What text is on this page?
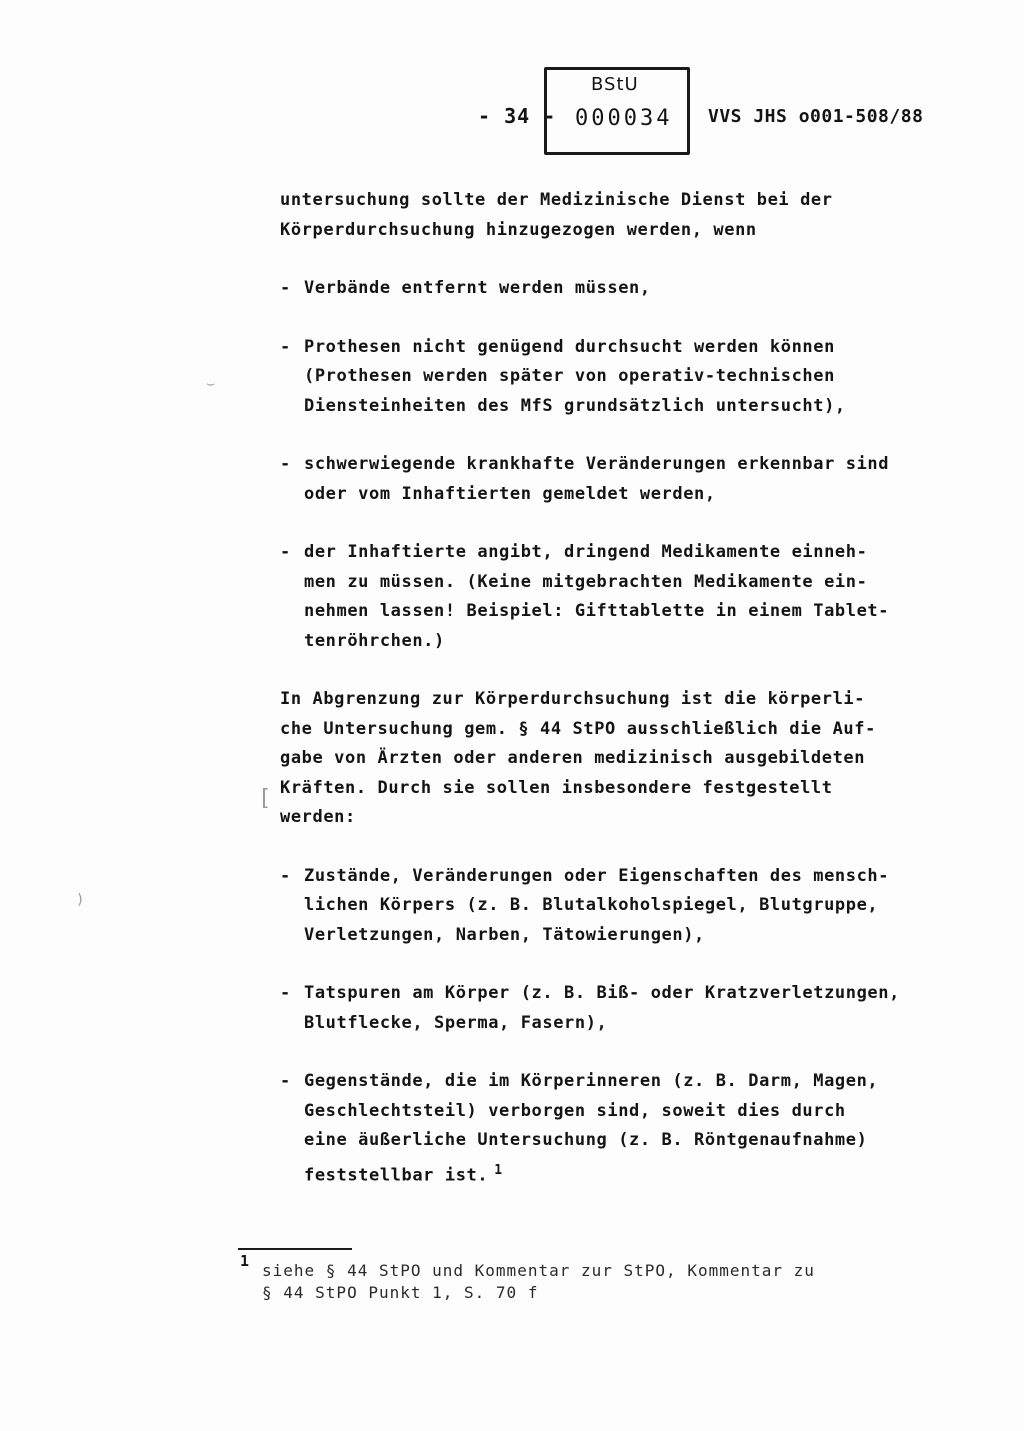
- 34 -
BStU
000034 VVS JHS o001-508/88

untersuchung sollte der Medizinische Dienst bei der
Körperdurchsuchung hinzugezogen werden, wenn

- Verbände entfernt werden müssen,
- Prothesen nicht genügend durchsucht werden können
(Prothesen werden später von operativ-technischen
Diensteinheiten des MfS grundsätzlich untersucht),
- schwerwiegende krankhafte Veränderungen erkennbar sind
oder vom Inhaftierten gemeldet werden,
- der Inhaftierte angibt, dringend Medikamente einneh-
men zu müssen. (Keine mitgebrachten Medikamente ein-
nehmen lassen! Beispiel: Gifttablette in einem Tablet-
tenröhrchen.)

In Abgrenzung zur Körperdurchsuchung ist die körperli-
che Untersuchung gem. § 44 StPO ausschließlich die Auf-
gabe von Ärzten oder anderen medizinisch ausgebildeten
Kräften. Durch sie sollen insbesondere festgestellt
werden:

- Zustände, Veränderungen oder Eigenschaften des mensch-
lichen Körpers (z. B. Blutalkoholspiegel, Blutgruppe,
Verletzungen, Narben, Tätowierungen),
- Tatspuren am Körper (z. B. Biß- oder Kratzverletzungen,
Blutflecke, Sperma, Fasern),
- Gegenstände, die im Körperinneren (z. B. Darm, Magen,
Geschlechtsteil) verborgen sind, soweit dies durch
eine äußerliche Untersuchung (z. B. Röntgenaufnahme)
feststellbar ist. $^1$
1 siehe § 44 StPO und Kommentar zur StPO, Kommentar zu
§ 44 StPO Punkt 1, S. 70 f
⌣
)
[
